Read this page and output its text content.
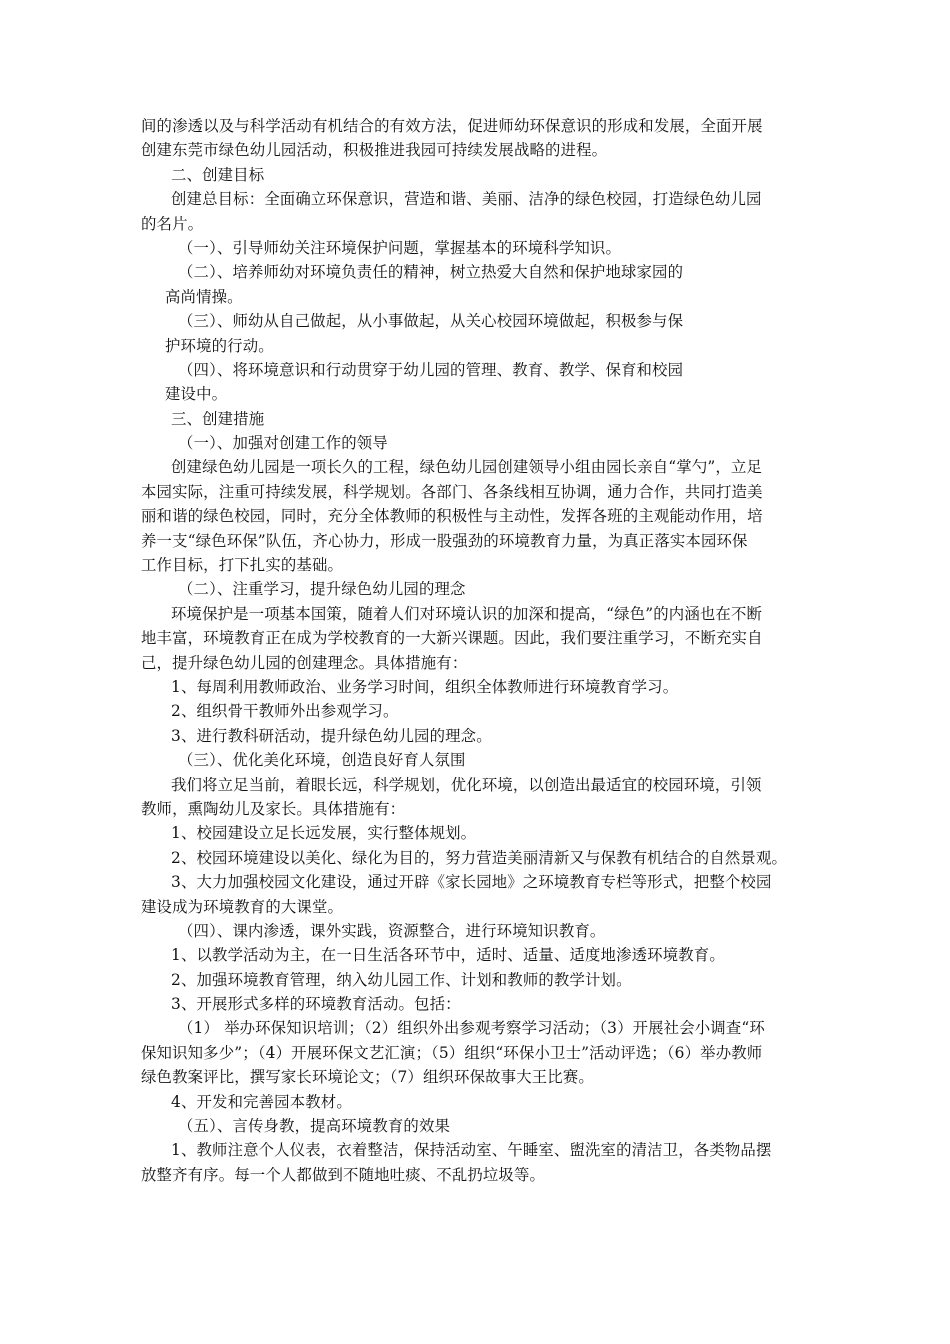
间的渗透以及与科学活动有机结合的有效方法，促进师幼环保意识的形成和发展，全面开展
创建东莞市绿色幼儿园活动，积极推进我园可持续发展战略的进程。
二、创建目标
创建总目标：全面确立环保意识，营造和谐、美丽、洁净的绿色校园，打造绿色幼儿园
的名片。
（一）、引导师幼关注环境保护问题，掌握基本的环境科学知识。
（二）、培养师幼对环境负责任的精神，树立热爱大自然和保护地球家园的
高尚情操。
（三）、师幼从自己做起，从小事做起，从关心校园环境做起，积极参与保
护环境的行动。
（四）、将环境意识和行动贯穿于幼儿园的管理、教育、教学、保育和校园
建设中。
三、创建措施
（一）、加强对创建工作的领导
创建绿色幼儿园是一项长久的工程，绿色幼儿园创建领导小组由园长亲自“掌勺”，立足
本园实际，注重可持续发展，科学规划。各部门、各条线相互协调，通力合作，共同打造美
丽和谐的绿色校园，同时，充分全体教师的积极性与主动性，发挥各班的主观能动作用，培
养一支“绿色环保”队伍，齐心协力，形成一股强劲的环境教育力量，为真正落实本园环保
工作目标，打下扎实的基础。
（二）、注重学习，提升绿色幼儿园的理念
环境保护是一项基本国策，随着人们对环境认识的加深和提高，“绿色”的内涵也在不断
地丰富，环境教育正在成为学校教育的一大新兴课题。因此，我们要注重学习，不断充实自
己，提升绿色幼儿园的创建理念。具体措施有：
1、每周利用教师政治、业务学习时间，组织全体教师进行环境教育学习。
2、组织骨干教师外出参观学习。
3、进行教科研活动，提升绿色幼儿园的理念。
（三）、优化美化环境，创造良好育人氛围
我们将立足当前，着眼长远，科学规划，优化环境，以创造出最适宜的校园环境，引领
教师，熏陶幼儿及家长。具体措施有：
1、校园建设立足长远发展，实行整体规划。
2、校园环境建设以美化、绿化为目的，努力营造美丽清新又与保教有机结合的自然景观。
3、大力加强校园文化建设，通过开辟《家长园地》之环境教育专栏等形式，把整个校园
建设成为环境教育的大课堂。
（四）、课内渗透，课外实践，资源整合，进行环境知识教育。
1、以教学活动为主，在一日生活各环节中，适时、适量、适度地渗透环境教育。
2、加强环境教育管理，纳入幼儿园工作、计划和教师的教学计划。
3、开展形式多样的环境教育活动。包括：
（1） 举办环保知识培训；（2）组织外出参观考察学习活动；（3）开展社会小调查“环
保知识知多少”；（4）开展环保文艺汇演；（5）组织“环保小卫士”活动评选；（6）举办教师
绿色教案评比，撰写家长环境论文；（7）组织环保故事大王比赛。
4、开发和完善园本教材。
（五）、言传身教，提高环境教育的效果
1、教师注意个人仪表，衣着整洁，保持活动室、午睡室、盥洗室的清洁卫，各类物品摆
放整齐有序。每一个人都做到不随地吐痰、不乱扔垃圾等。
